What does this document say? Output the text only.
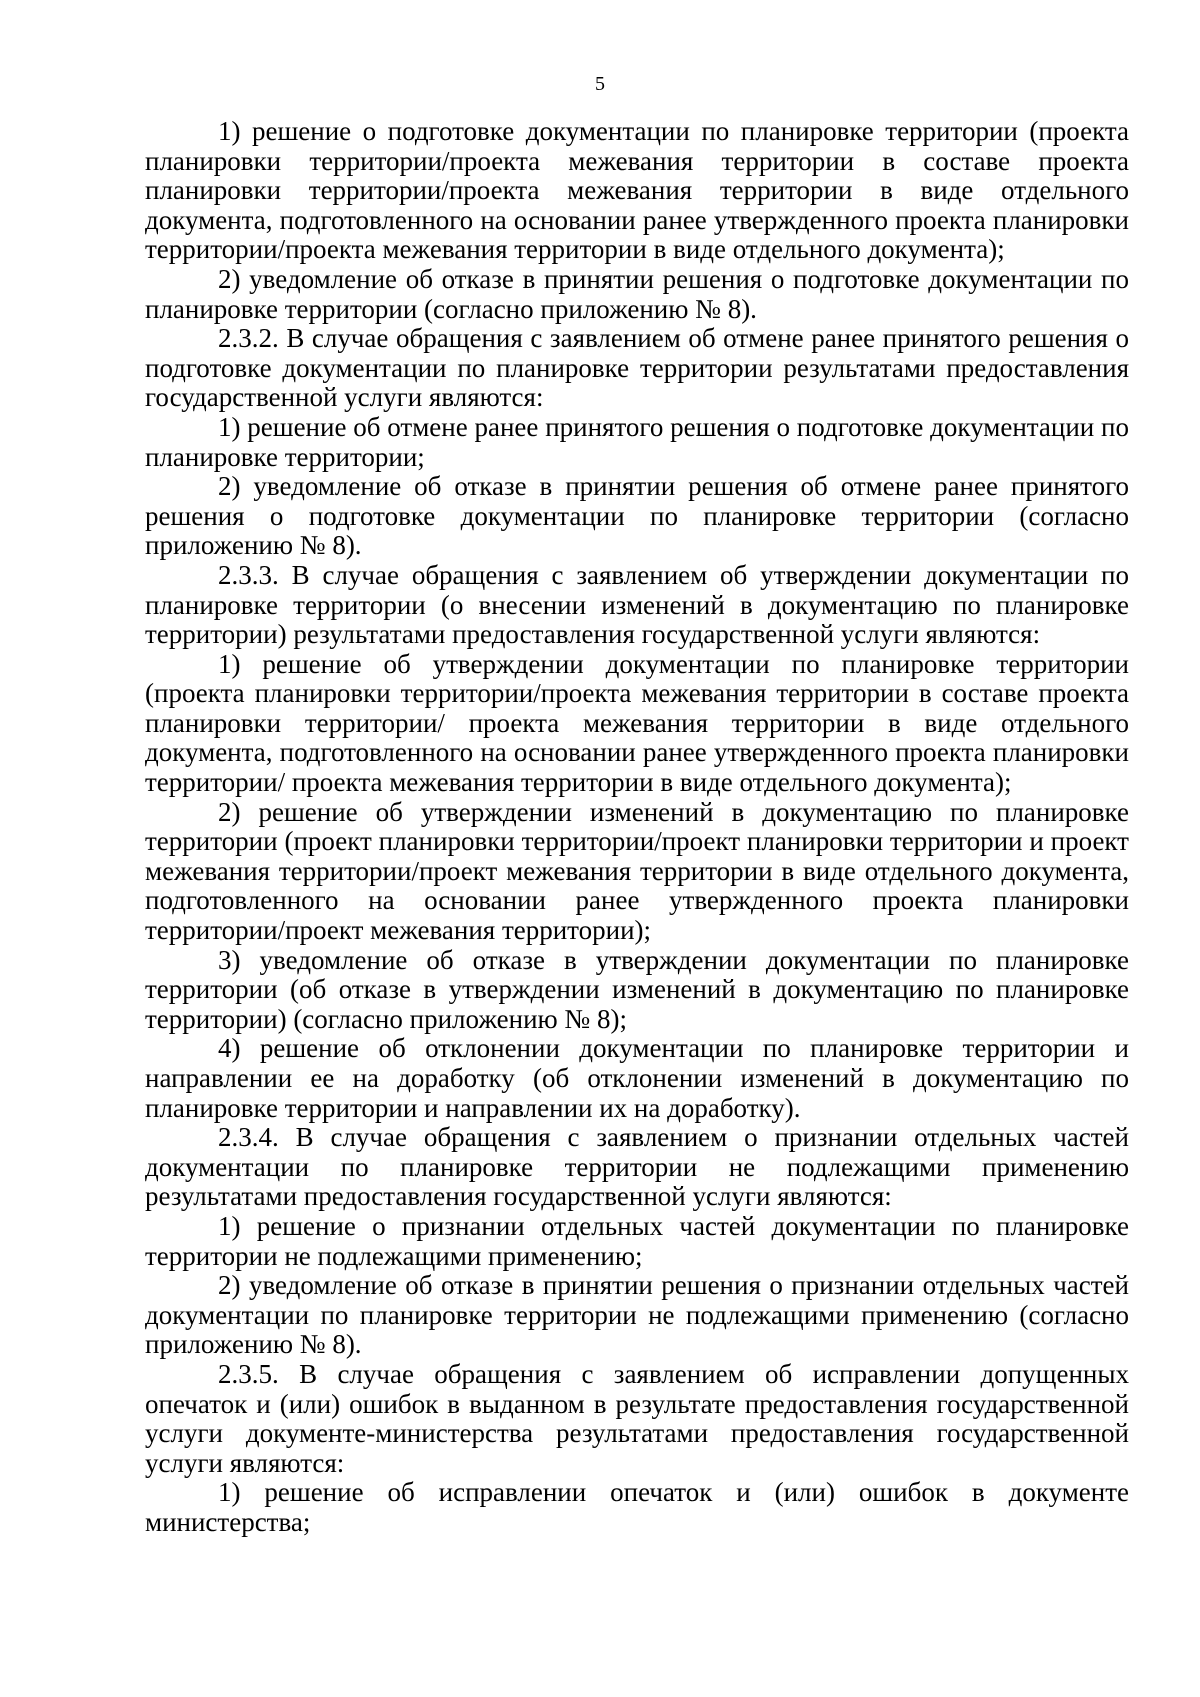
5

1) решение о подготовке документации по планировке территории (проекта планировки территории/проекта межевания территории в составе проекта планировки территории/проекта межевания территории в виде отдельного документа, подготовленного на основании ранее утвержденного проекта планировки территории/проекта межевания территории в виде отдельного документа);

2) уведомление об отказе в принятии решения о подготовке документации по планировке территории (согласно приложению № 8).

2.3.2. В случае обращения с заявлением об отмене ранее принятого решения о подготовке документации по планировке территории результатами предоставления государственной услуги являются:

1) решение об отмене ранее принятого решения о подготовке документации по планировке территории;

2) уведомление об отказе в принятии решения об отмене ранее принятого решения о подготовке документации по планировке территории (согласно приложению № 8).

2.3.3. В случае обращения с заявлением об утверждении документации по планировке территории (о внесении изменений в документацию по планировке территории) результатами предоставления государственной услуги являются:

1) решение об утверждении документации по планировке территории (проекта планировки территории/проекта межевания территории в составе проекта планировки территории/ проекта межевания территории в виде отдельного документа, подготовленного на основании ранее утвержденного проекта планировки территории/ проекта межевания территории в виде отдельного документа);

2) решение об утверждении изменений в документацию по планировке территории (проект планировки территории/проект планировки территории и проект межевания территории/проект межевания территории в виде отдельного документа, подготовленного на основании ранее утвержденного проекта планировки территории/проект межевания территории);

3) уведомление об отказе в утверждении документации по планировке территории (об отказе в утверждении изменений в документацию по планировке территории) (согласно приложению № 8);

4) решение об отклонении документации по планировке территории и направлении ее на доработку (об отклонении изменений в документацию по планировке территории и направлении их на доработку).

2.3.4. В случае обращения с заявлением о признании отдельных частей документации по планировке территории не подлежащими применению результатами предоставления государственной услуги являются:

1) решение о признании отдельных частей документации по планировке территории не подлежащими применению;

2) уведомление об отказе в принятии решения о признании отдельных частей документации по планировке территории не подлежащими применению (согласно приложению № 8).

2.3.5. В случае обращения с заявлением об исправлении допущенных опечаток и (или) ошибок в выданном в результате предоставления государственной услуги документе-министерства результатами предоставления государственной услуги являются:

1) решение об исправлении опечаток и (или) ошибок в документе министерства;
